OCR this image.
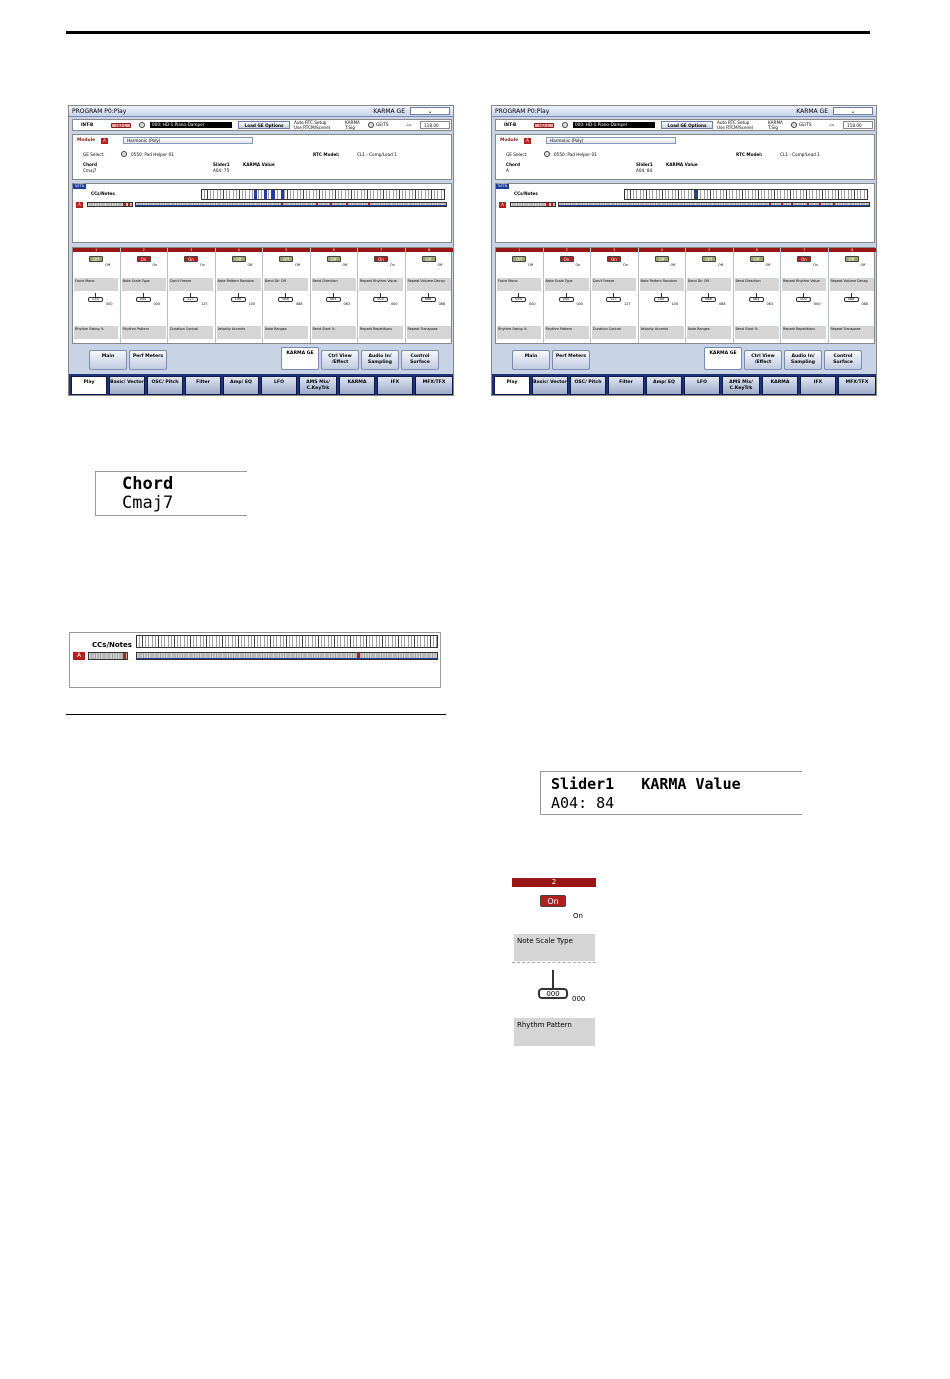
PROGRAM P0:Play	KARMA GE	⌄
INT-B	HD-1	000: HD-1 Piano-Damper	Load GE Options
Auto RTC Setup
Use RTCM/Scene)
KARMA
T.Sig	GE/TS	♩=	118.00
Module	A	Harmonic (Poly)
GE Select:	0550: Pad Helper 01	RTC Model:	CL1 - Comp/Lead 1
Chord
Cmaj7
Slider1	KARMA Value
A04: 75
SITS
CCs/Notes
A
1
Off
Off
Force Mono
035
000
Rhythm Swing %
2
On
On
Note Scale Type
000
000
Rhythm Pattern
3
On
On
Don't Freeze
127
127
Duration Control
4
Off
Off
Note Pattern Random
100
100
Velocity Accents
5
Off
Off
Bend Dir Off
088
088
Note Ranges
6
Off
Off
Bend Direction
063
063
Bend Start %
7
On
On
Repeat Rhythm Value
000
000
Repeat Repetitions
8
Off
Off
Repeat Volume Decay
088
088
Repeat Transpose
Main	Perf Meters
KARMA GE
Ctrl View /Effect
Audio In/ Sampling
Control Surface
Play	Basic/ Vector	OSC/ Pitch	Filter	Amp/ EQ	LFO	AMS Mix/ C.KeyTrk
KARMA	IFX	MFX/TFX
PROGRAM P0:Play	KARMA GE	⌄
INT-B	HD-1	000: HD-1 Piano-Damper	Load GE Options
Auto RTC Setup
Use RTCM/Scene)
KARMA
T.Sig	GE/TS	♩=	118.00
Module	A	Harmonic (Poly)
GE Select:	0550: Pad Helper 01	RTC Model:	CL1 - Comp/Lead 1
Chord
A
Slider1	KARMA Value
A04: 84
SITS
CCs/Notes
A
1
Off
Off
Force Mono
035
000
Rhythm Swing %
2
On
On
Note Scale Type
000
000
Rhythm Pattern
3
On
On
Don't Freeze
127
127
Duration Control
4
Off
Off
Note Pattern Random
100
100
Velocity Accents
5
Off
Off
Bend Dir Off
088
088
Note Ranges
6
Off
Off
Bend Direction
063
063
Bend Start %
7
On
On
Repeat Rhythm Value
000
000
Repeat Repetitions
8
Off
Off
Repeat Volume Decay
088
088
Repeat Transpose
Main	Perf Meters
KARMA GE
Ctrl View /Effect
Audio In/ Sampling
Control Surface
Play	Basic/ Vector	OSC/ Pitch	Filter	Amp/ EQ	LFO	AMS Mix/ C.KeyTrk
KARMA	IFX	MFX/TFX
Chord
Cmaj7
CCs/Notes
A
Slider1   KARMA Value
A04: 84
2
On
On
Note Scale Type
000
000
Rhythm Pattern
